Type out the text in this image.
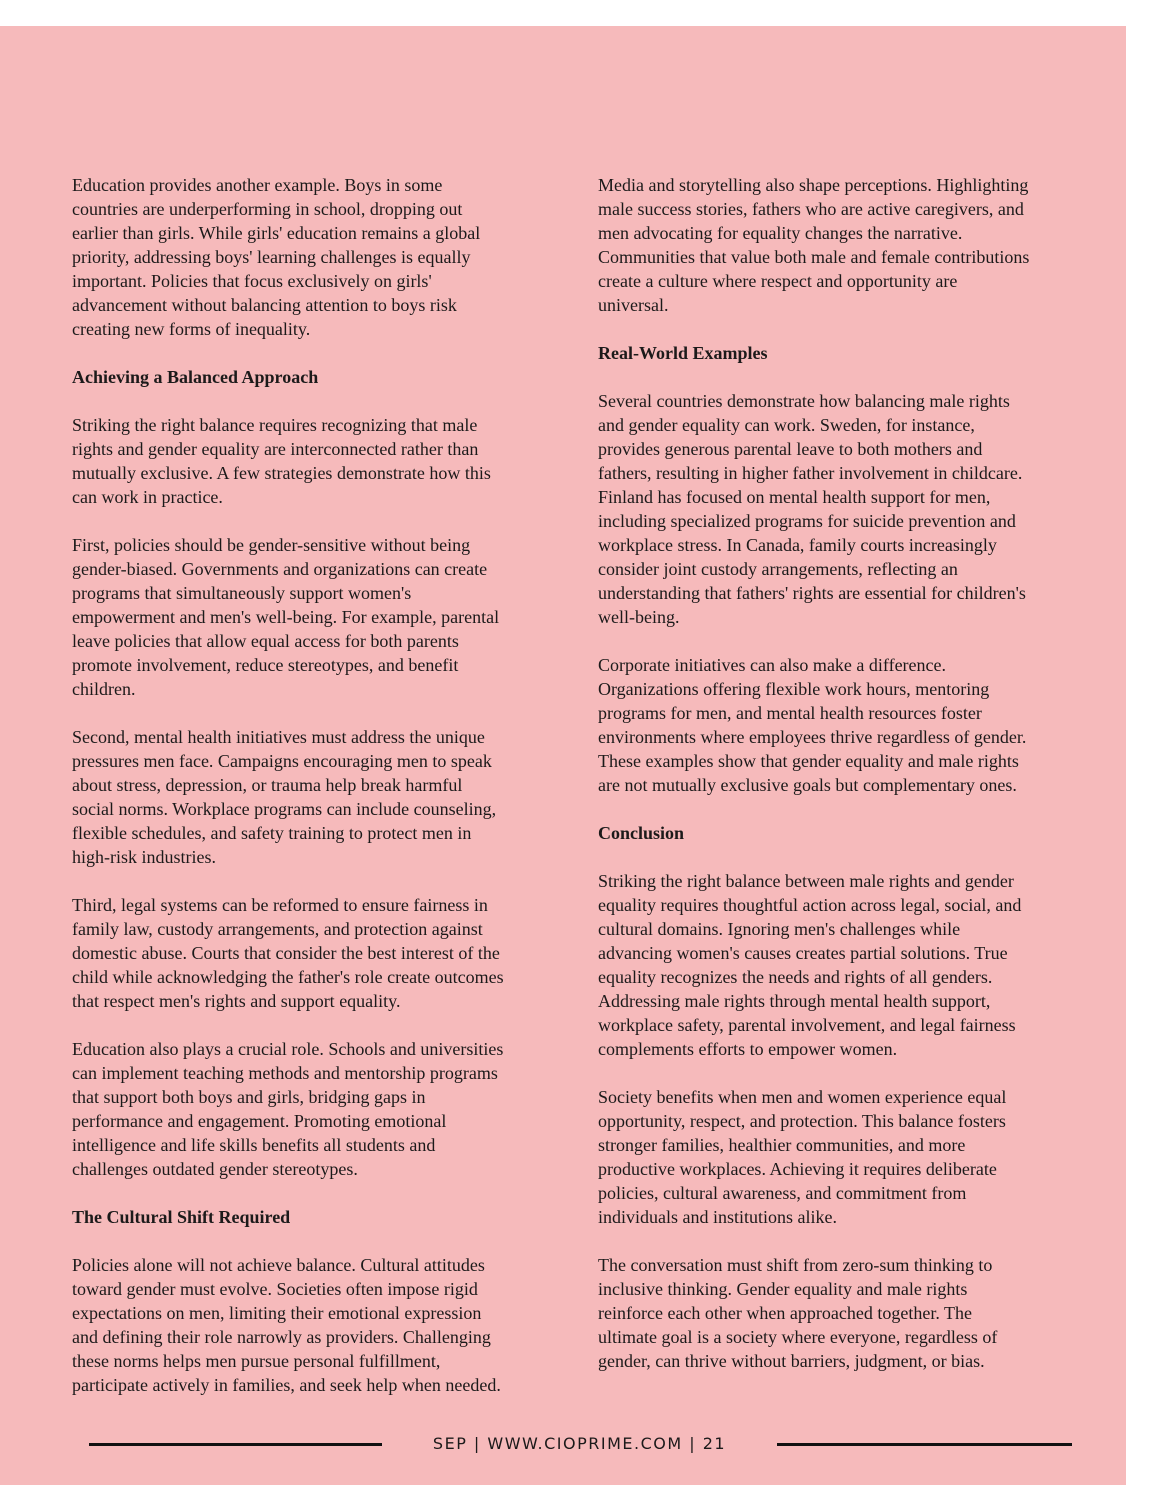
Education provides another example. Boys in some
countries are underperforming in school, dropping out
earlier than girls. While girls' education remains a global
priority, addressing boys' learning challenges is equally
important. Policies that focus exclusively on girls'
advancement without balancing attention to boys risk
creating new forms of inequality.
Achieving a Balanced Approach
Striking the right balance requires recognizing that male
rights and gender equality are interconnected rather than
mutually exclusive. A few strategies demonstrate how this
can work in practice.
First, policies should be gender-sensitive without being
gender-biased. Governments and organizations can create
programs that simultaneously support women's
empowerment and men's well-being. For example, parental
leave policies that allow equal access for both parents
promote involvement, reduce stereotypes, and benefit
children.
Second, mental health initiatives must address the unique
pressures men face. Campaigns encouraging men to speak
about stress, depression, or trauma help break harmful
social norms. Workplace programs can include counseling,
flexible schedules, and safety training to protect men in
high-risk industries.
Third, legal systems can be reformed to ensure fairness in
family law, custody arrangements, and protection against
domestic abuse. Courts that consider the best interest of the
child while acknowledging the father's role create outcomes
that respect men's rights and support equality.
Education also plays a crucial role. Schools and universities
can implement teaching methods and mentorship programs
that support both boys and girls, bridging gaps in
performance and engagement. Promoting emotional
intelligence and life skills benefits all students and
challenges outdated gender stereotypes.
The Cultural Shift Required
Policies alone will not achieve balance. Cultural attitudes
toward gender must evolve. Societies often impose rigid
expectations on men, limiting their emotional expression
and defining their role narrowly as providers. Challenging
these norms helps men pursue personal fulfillment,
participate actively in families, and seek help when needed.
Media and storytelling also shape perceptions. Highlighting
male success stories, fathers who are active caregivers, and
men advocating for equality changes the narrative.
Communities that value both male and female contributions
create a culture where respect and opportunity are
universal.
Real-World Examples
Several countries demonstrate how balancing male rights
and gender equality can work. Sweden, for instance,
provides generous parental leave to both mothers and
fathers, resulting in higher father involvement in childcare.
Finland has focused on mental health support for men,
including specialized programs for suicide prevention and
workplace stress. In Canada, family courts increasingly
consider joint custody arrangements, reflecting an
understanding that fathers' rights are essential for children's
well-being.
Corporate initiatives can also make a difference.
Organizations offering flexible work hours, mentoring
programs for men, and mental health resources foster
environments where employees thrive regardless of gender.
These examples show that gender equality and male rights
are not mutually exclusive goals but complementary ones.
Conclusion
Striking the right balance between male rights and gender
equality requires thoughtful action across legal, social, and
cultural domains. Ignoring men's challenges while
advancing women's causes creates partial solutions. True
equality recognizes the needs and rights of all genders.
Addressing male rights through mental health support,
workplace safety, parental involvement, and legal fairness
complements efforts to empower women.
Society benefits when men and women experience equal
opportunity, respect, and protection. This balance fosters
stronger families, healthier communities, and more
productive workplaces. Achieving it requires deliberate
policies, cultural awareness, and commitment from
individuals and institutions alike.
The conversation must shift from zero-sum thinking to
inclusive thinking. Gender equality and male rights
reinforce each other when approached together. The
ultimate goal is a society where everyone, regardless of
gender, can thrive without barriers, judgment, or bias.
SEP | WWW.CIOPRIME.COM | 21
